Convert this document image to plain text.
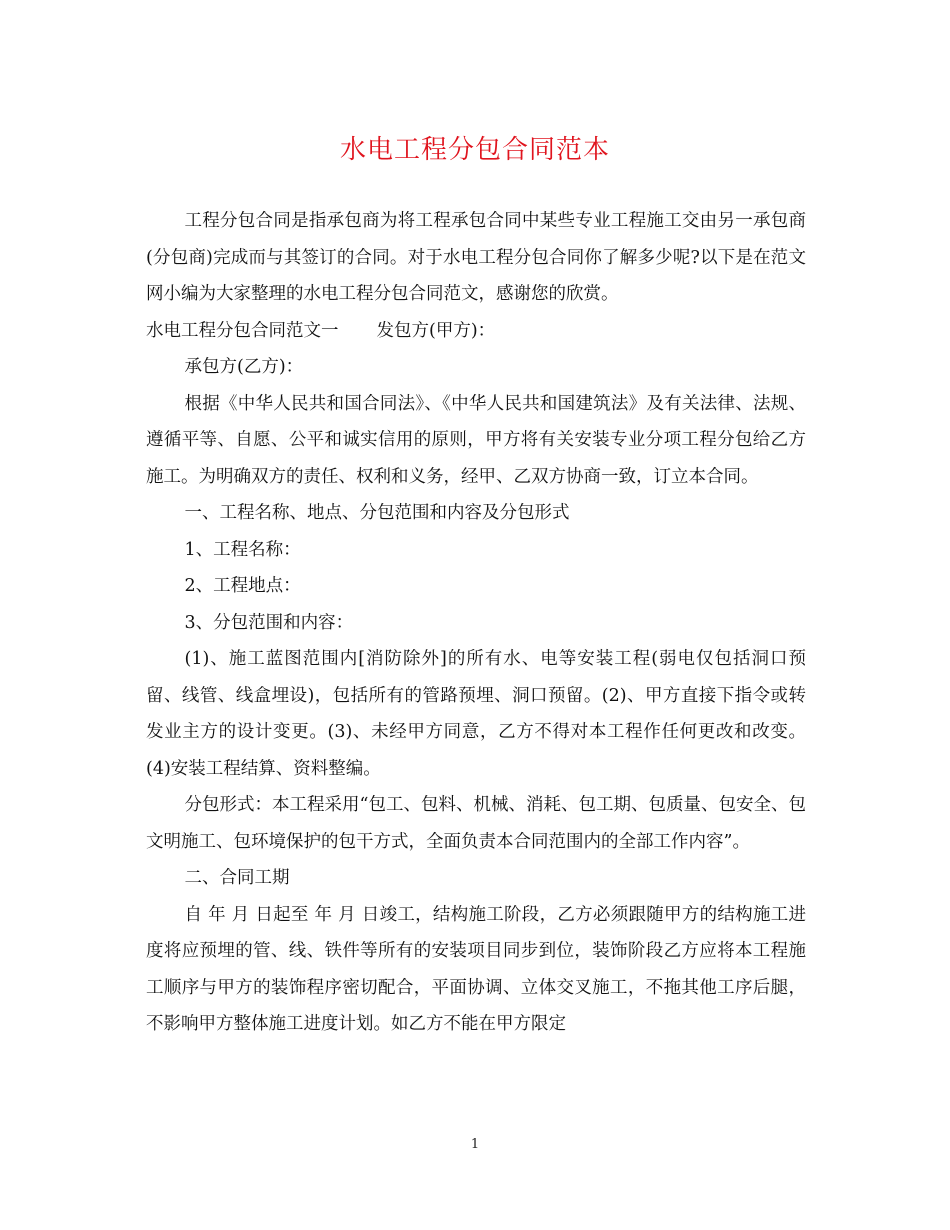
水电工程分包合同范本

工程分包合同是指承包商为将工程承包合同中某些专业工程施工交由另一承包商(分包商)完成而与其签订的合同。对于水电工程分包合同你了解多少呢?以下是在范文网小编为大家整理的水电工程分包合同范文，感谢您的欣赏。

水电工程分包合同范文一 发包方(甲方)：

承包方(乙方)：

根据《中华人民共和国合同法》、《中华人民共和国建筑法》及有关法律、法规、遵循平等、自愿、公平和诚实信用的原则，甲方将有关安装专业分项工程分包给乙方施工。为明确双方的责任、权利和义务，经甲、乙双方协商一致，订立本合同。

一、工程名称、地点、分包范围和内容及分包形式

1、工程名称：

2、工程地点：

3、分包范围和内容：

(1)、施工蓝图范围内[消防除外]的所有水、电等安装工程(弱电仅包括洞口预留、线管、线盒埋设)，包括所有的管路预埋、洞口预留。(2)、甲方直接下指令或转发业主方的设计变更。(3)、未经甲方同意，乙方不得对本工程作任何更改和改变。(4)安装工程结算、资料整编。

分包形式：本工程采用“包工、包料、机械、消耗、包工期、包质量、包安全、包文明施工、包环境保护的包干方式，全面负责本合同范围内的全部工作内容”。

二、合同工期

自 年 月 日起至 年 月 日竣工，结构施工阶段，乙方必须跟随甲方的结构施工进度将应预埋的管、线、铁件等所有的安装项目同步到位，装饰阶段乙方应将本工程施工顺序与甲方的装饰程序密切配合，平面协调、立体交叉施工，不拖其他工序后腿，不影响甲方整体施工进度计划。如乙方不能在甲方限定

1
